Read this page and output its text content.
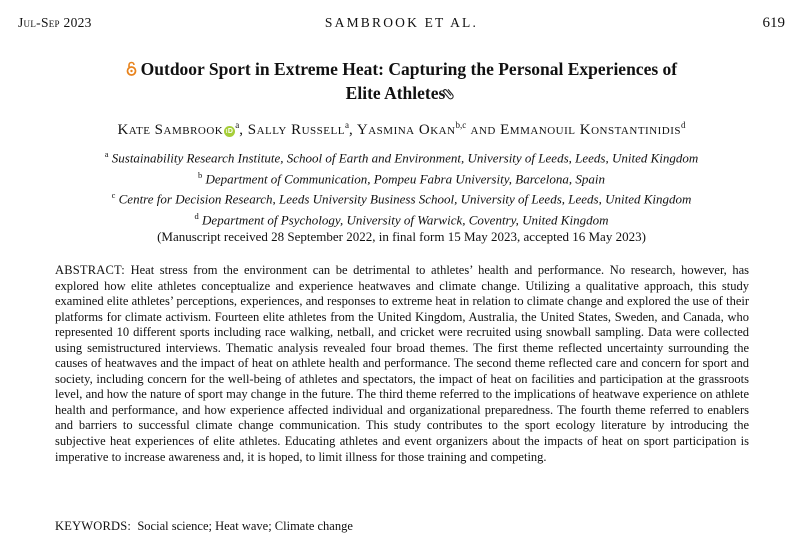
Jul-Sep 2023	SAMBROOK ET AL.	619
Outdoor Sport in Extreme Heat: Capturing the Personal Experiences of
Elite Athletes
Kate Sambrook $iD^a$, Sally Russell$^a$, Yasmina Okan$^{b,c}$ and Emmanouil Konstantinidis$^d$
$^a$ Sustainability Research Institute, School of Earth and Environment, University of Leeds, Leeds, United Kingdom
$^b$ Department of Communication, Pompeu Fabra University, Barcelona, Spain
$^c$ Centre for Decision Research, Leeds University Business School, University of Leeds, Leeds, United Kingdom
$^d$ Department of Psychology, University of Warwick, Coventry, United Kingdom
(Manuscript received 28 September 2022, in final form 15 May 2023, accepted 16 May 2023)
ABSTRACT: Heat stress from the environment can be detrimental to athletes’ health and performance. No research, however, has explored how elite athletes conceptualize and experience heatwaves and climate change. Utilizing a qualitative approach, this study examined elite athletes’ perceptions, experiences, and responses to extreme heat in relation to climate change and explored the use of their platforms for climate activism. Fourteen elite athletes from the United Kingdom, Australia, the United States, Sweden, and Canada, who represented 10 different sports including race walking, netball, and cricket were recruited using snowball sampling. Data were collected using semistructured interviews. Thematic analysis revealed four broad themes. The first theme reflected uncertainty surrounding the causes of heatwaves and the impact of heat on athlete health and performance. The second theme reflected care and concern for sport and society, including concern for the well-being of athletes and spectators, the impact of heat on facilities and participation at the grassroots level, and how the nature of sport may change in the future. The third theme referred to the implications of heatwave experience on athlete health and performance, and how experience affected individual and organizational preparedness. The fourth theme referred to enablers and barriers to successful climate change communication. This study contributes to the sport ecology literature by introducing the subjective heat experiences of elite athletes. Educating athletes and event organizers about the impacts of heat on sport participation is imperative to increase awareness and, it is hoped, to limit illness for those training and competing.
KEYWORDS: Social science; Heat wave; Climate change
